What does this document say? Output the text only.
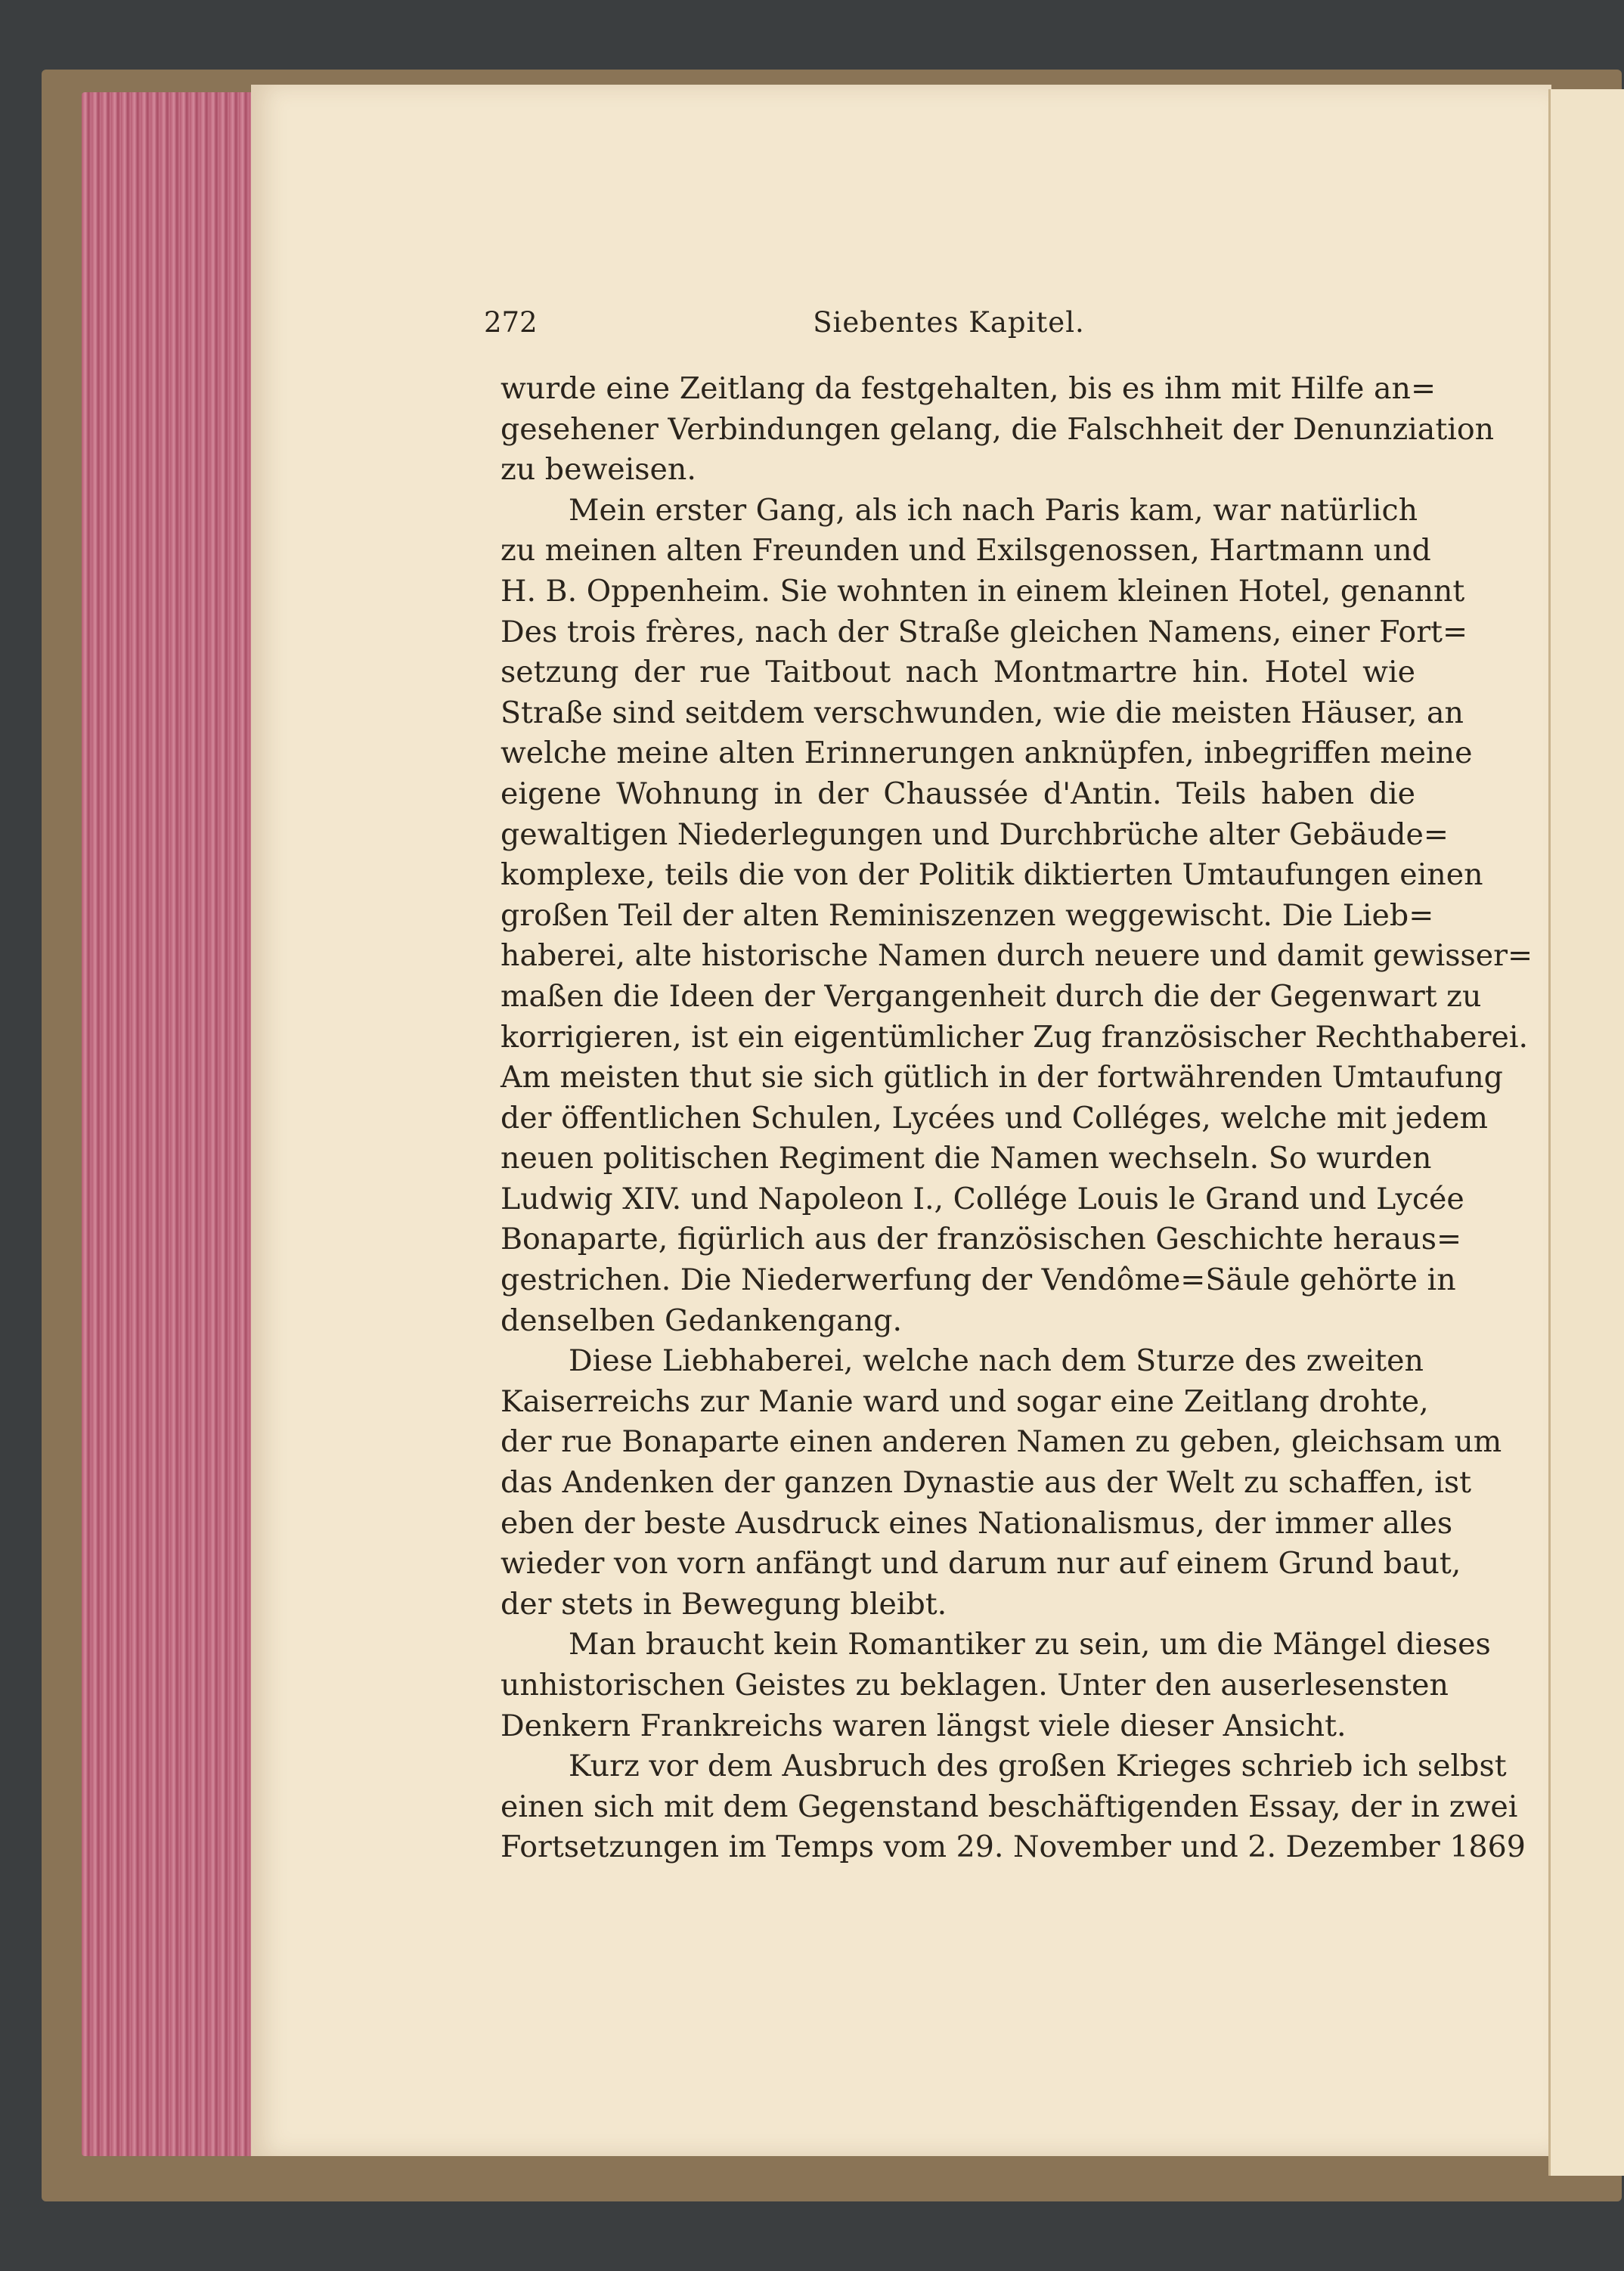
272	Siebentes Kapitel.
wurde eine Zeitlang da festgehalten, bis es ihm mit Hilfe an=
gesehener Verbindungen gelang, die Falschheit der Denunziation
zu beweisen.
Mein erster Gang, als ich nach Paris kam, war natürlich
zu meinen alten Freunden und Exilsgenossen, Hartmann und
H. B. Oppenheim. Sie wohnten in einem kleinen Hotel, genannt
Des trois frères, nach der Straße gleichen Namens, einer Fort=
setzung der rue Taitbout nach Montmartre hin. Hotel wie
Straße sind seitdem verschwunden, wie die meisten Häuser, an
welche meine alten Erinnerungen anknüpfen, inbegriffen meine
eigene Wohnung in der Chaussée d'Antin. Teils haben die
gewaltigen Niederlegungen und Durchbrüche alter Gebäude=
komplexe, teils die von der Politik diktierten Umtaufungen einen
großen Teil der alten Reminiszenzen weggewischt. Die Lieb=
haberei, alte historische Namen durch neuere und damit gewisser=
maßen die Ideen der Vergangenheit durch die der Gegenwart zu
korrigieren, ist ein eigentümlicher Zug französischer Rechthaberei.
Am meisten thut sie sich gütlich in der fortwährenden Umtaufung
der öffentlichen Schulen, Lycées und Colléges, welche mit jedem
neuen politischen Regiment die Namen wechseln. So wurden
Ludwig XIV. und Napoleon I., Collége Louis le Grand und Lycée
Bonaparte, figürlich aus der französischen Geschichte heraus=
gestrichen. Die Niederwerfung der Vendôme=Säule gehörte in
denselben Gedankengang.
Diese Liebhaberei, welche nach dem Sturze des zweiten
Kaiserreichs zur Manie ward und sogar eine Zeitlang drohte,
der rue Bonaparte einen anderen Namen zu geben, gleichsam um
das Andenken der ganzen Dynastie aus der Welt zu schaffen, ist
eben der beste Ausdruck eines Nationalismus, der immer alles
wieder von vorn anfängt und darum nur auf einem Grund baut,
der stets in Bewegung bleibt.
Man braucht kein Romantiker zu sein, um die Mängel dieses
unhistorischen Geistes zu beklagen. Unter den auserlesensten
Denkern Frankreichs waren längst viele dieser Ansicht.
Kurz vor dem Ausbruch des großen Krieges schrieb ich selbst
einen sich mit dem Gegenstand beschäftigenden Essay, der in zwei
Fortsetzungen im Temps vom 29. November und 2. Dezember 1869
